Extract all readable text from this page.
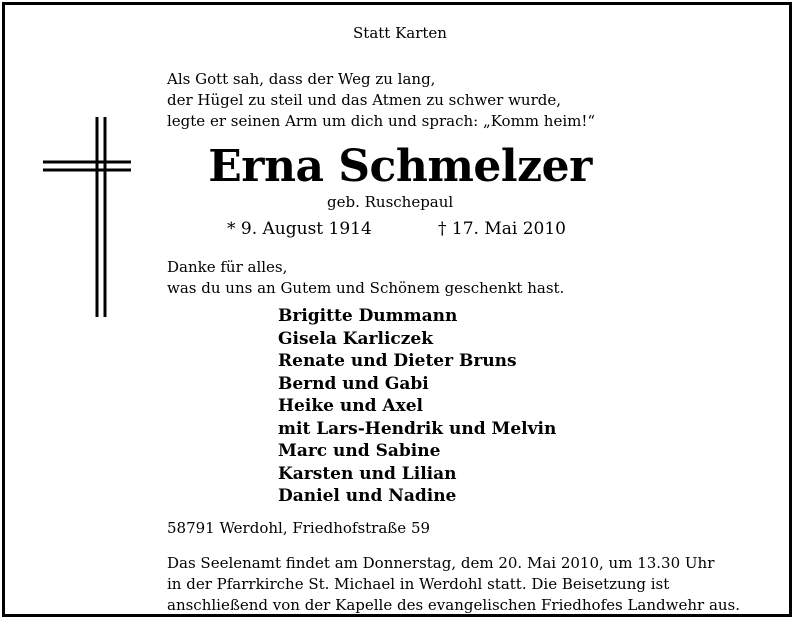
Statt Karten
Als Gott sah, dass der Weg zu lang,
der Hügel zu steil und das Atmen zu schwer wurde,
legte er seinen Arm um dich und sprach: „Komm heim!“
Erna Schmelzer
geb. Ruschepaul
* 9. August 1914	† 17. Mai 2010
Danke für alles,
was du uns an Gutem und Schönem geschenkt hast.
Brigitte Dummann
Gisela Karliczek
Renate und Dieter Bruns
Bernd und Gabi
Heike und Axel
mit Lars-Hendrik und Melvin
Marc und Sabine
Karsten und Lilian
Daniel und Nadine
58791 Werdohl, Friedhofstraße 59
Das Seelenamt findet am Donnerstag, dem 20. Mai 2010, um 13.30 Uhr
in der Pfarrkirche St. Michael in Werdohl statt. Die Beisetzung ist
anschließend von der Kapelle des evangelischen Friedhofes Landwehr aus.
